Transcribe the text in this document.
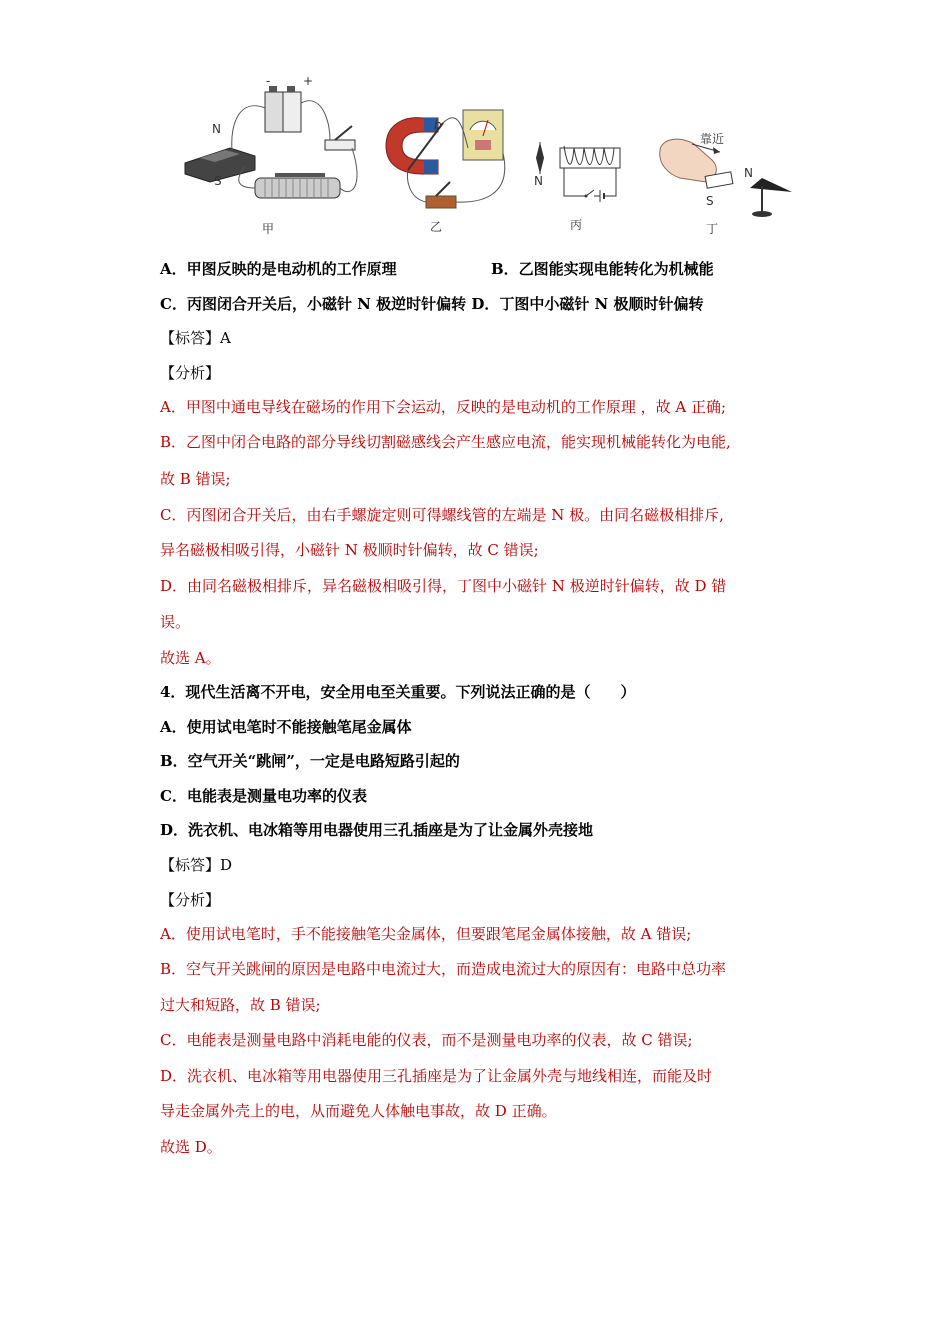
N
S
-	+
甲
b
乙
N
丙
靠近
S
N
丁
A．甲图反映的是电动机的工作原理	B．乙图能实现电能转化为机械能
C．丙图闭合开关后，小磁针 N 极逆时针偏转 D．丁图中小磁针 N 极顺时针偏转
【标答】A
【分析】
A．甲图中通电导线在磁场的作用下会运动，反映的是电动机的工作原理 ，故 A 正确;
B．乙图中闭合电路的部分导线切割磁感线会产生感应电流，能实现机械能转化为电能,
故 B 错误;
C．丙图闭合开关后，由右手螺旋定则可得螺线管的左端是 N 极。由同名磁极相排斥,
异名磁极相吸引得，小磁针 N 极顺时针偏转，故 C 错误;
D．由同名磁极相排斥，异名磁极相吸引得，丁图中小磁针 N 极逆时针偏转，故 D 错
误。
故选 A。
4．现代生活离不开电，安全用电至关重要。下列说法正确的是（　　）
A．使用试电笔时不能接触笔尾金属体
B．空气开关“跳闸”，一定是电路短路引起的
C．电能表是测量电功率的仪表
D．洗衣机、电冰箱等用电器使用三孔插座是为了让金属外壳接地
【标答】D
【分析】
A．使用试电笔时，手不能接触笔尖金属体，但要跟笔尾金属体接触，故 A 错误;
B．空气开关跳闸的原因是电路中电流过大，而造成电流过大的原因有：电路中总功率
过大和短路，故 B 错误;
C．电能表是测量电路中消耗电能的仪表，而不是测量电功率的仪表，故 C 错误;
D．洗衣机、电冰箱等用电器使用三孔插座是为了让金属外壳与地线相连，而能及时
导走金属外壳上的电，从而避免人体触电事故，故 D 正确。
故选 D。
